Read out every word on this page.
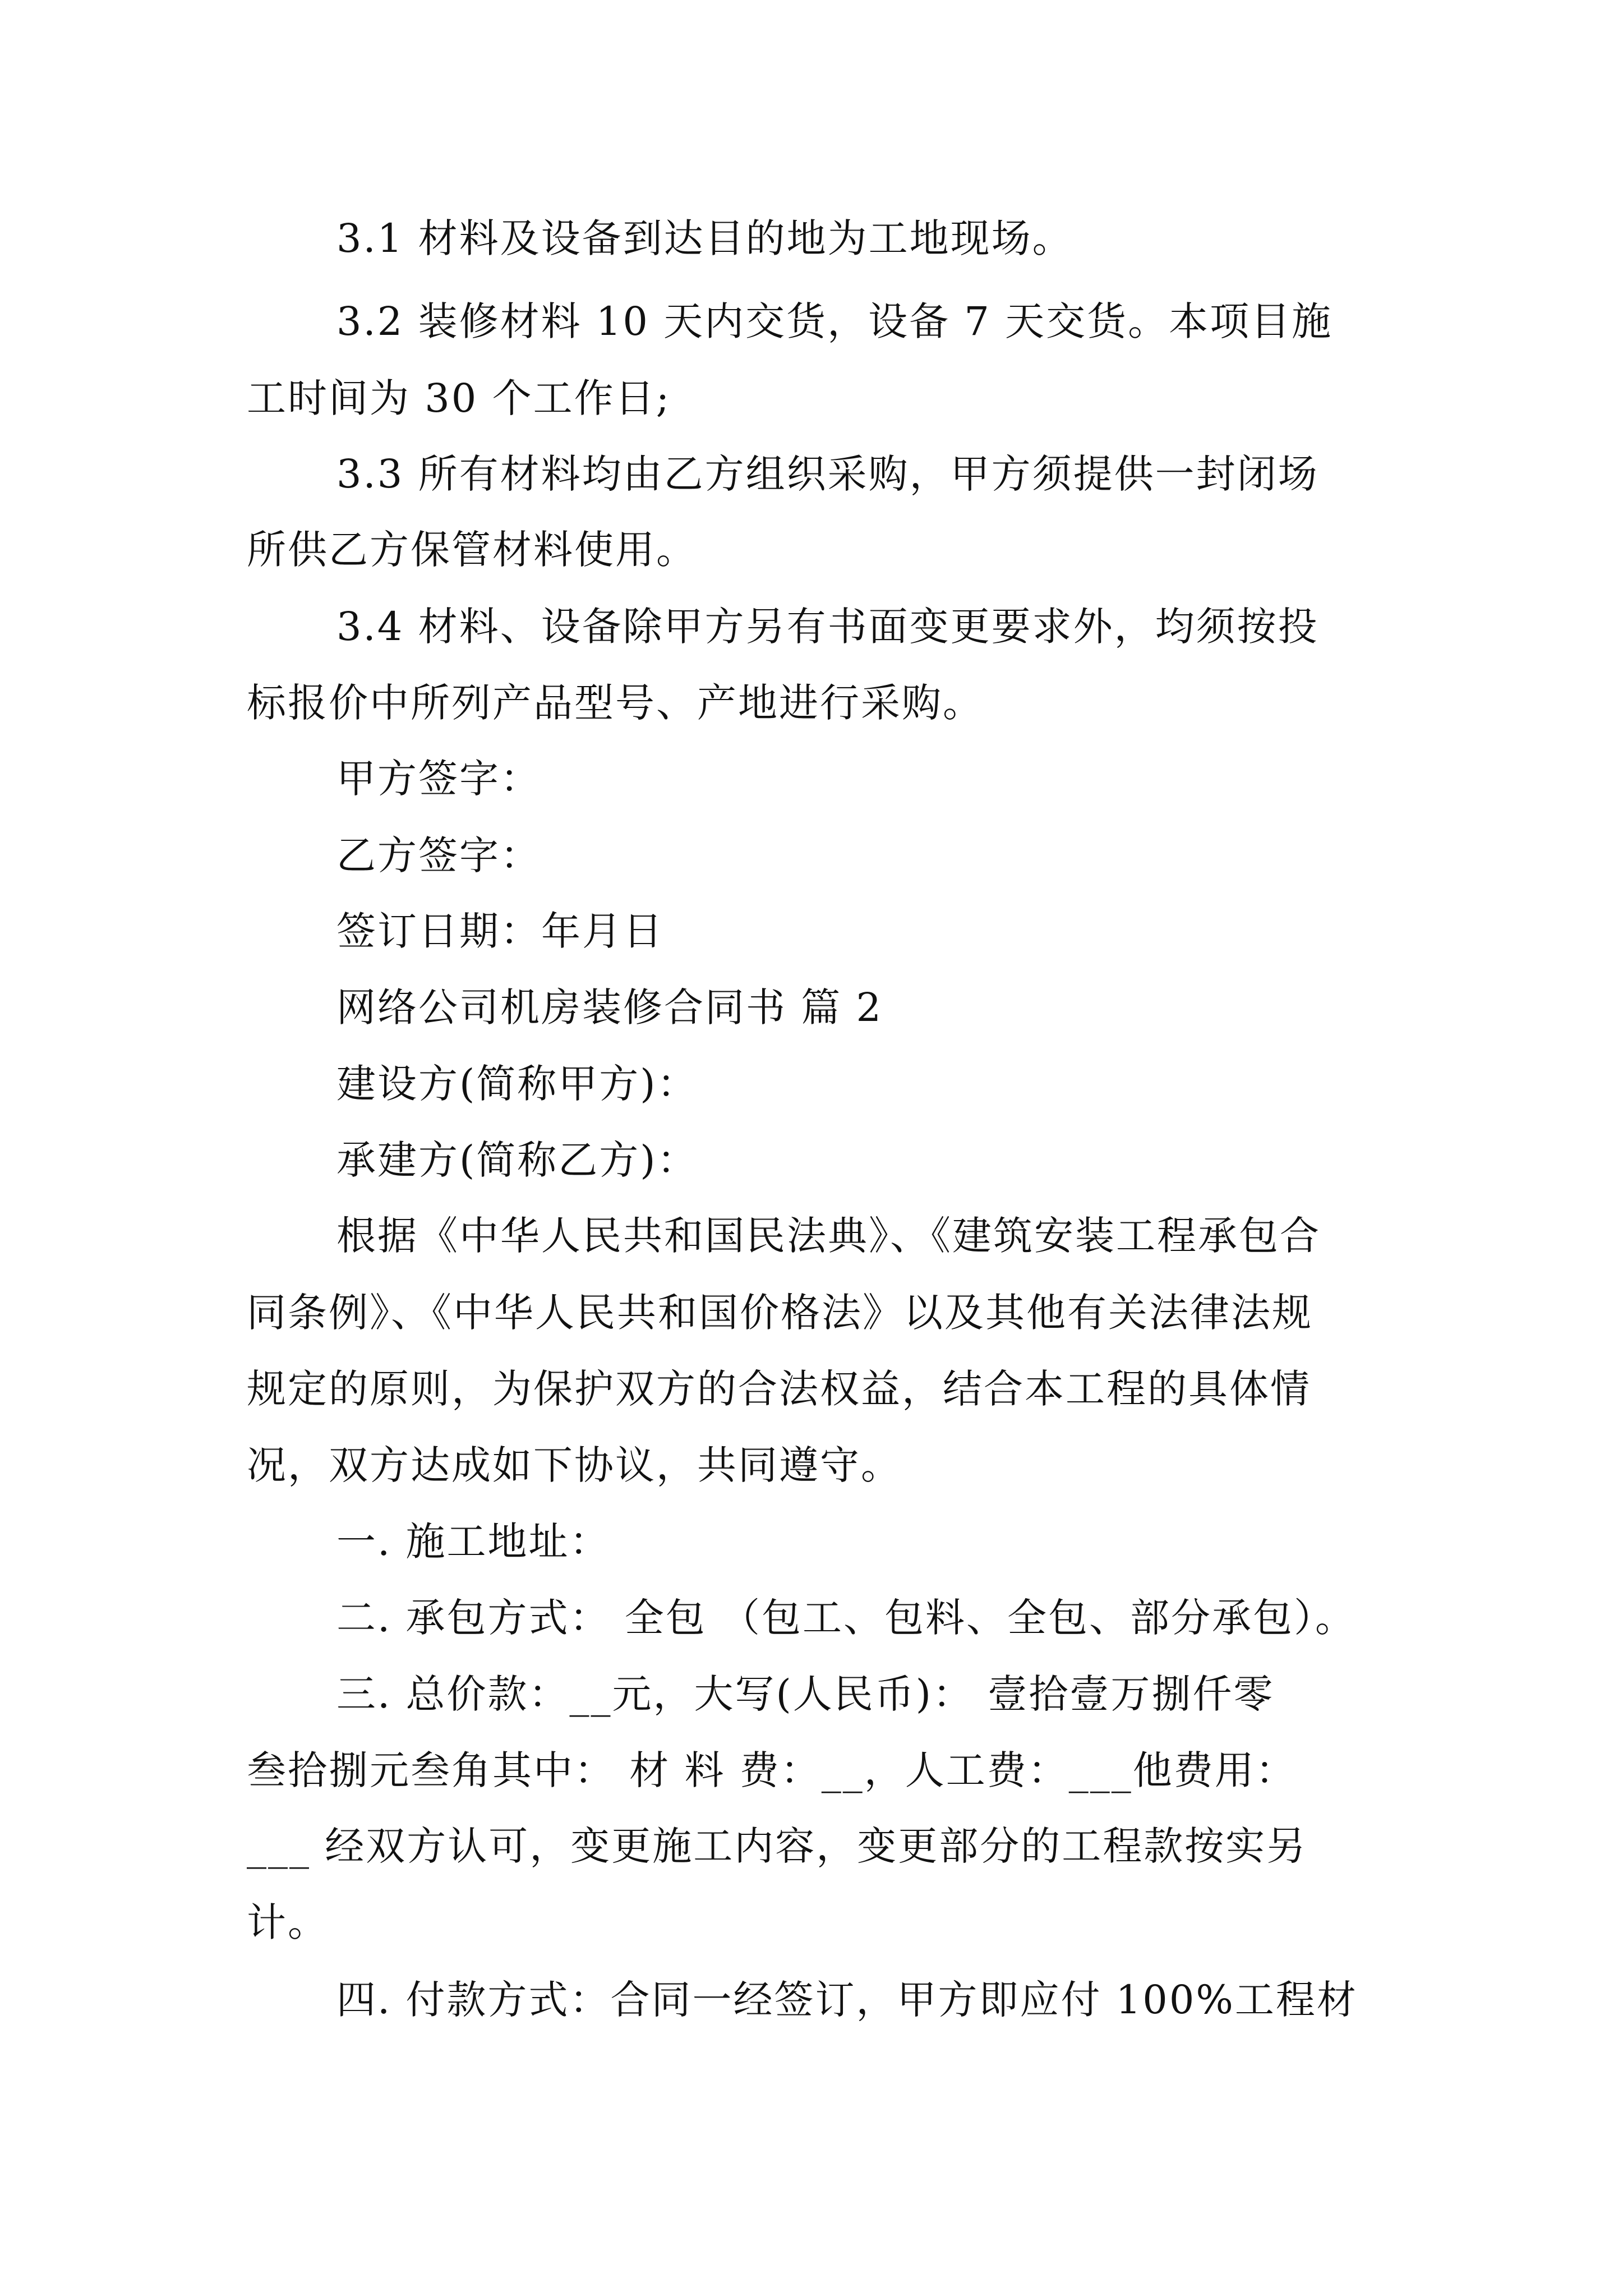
3.1 材料及设备到达目的地为工地现场。
3.2 装修材料 10 天内交货，设备 7 天交货。本项目施
工时间为 30 个工作日;
3.3 所有材料均由乙方组织采购，甲方须提供一封闭场
所供乙方保管材料使用。
3.4 材料、设备除甲方另有书面变更要求外，均须按投
标报价中所列产品型号、产地进行采购。
甲方签字：
乙方签字：
签订日期：年月日
网络公司机房装修合同书 篇 2
建设方(简称甲方)：
承建方(简称乙方)：
根据《中华人民共和国民法典》、《建筑安装工程承包合
同条例》、《中华人民共和国价格法》以及其他有关法律法规
规定的原则，为保护双方的合法权益，结合本工程的具体情
况，双方达成如下协议，共同遵守。
一. 施工地址：
二. 承包方式： 全包 （包工、包料、全包、部分承包）。
三. 总价款：__元，大写(人民币)： 壹拾壹万捌仟零
叁拾捌元叁角其中： 材 料 费：__，人工费：___他费用：
___ 经双方认可，变更施工内容，变更部分的工程款按实另
计。
四. 付款方式：合同一经签订，甲方即应付 100%工程材
